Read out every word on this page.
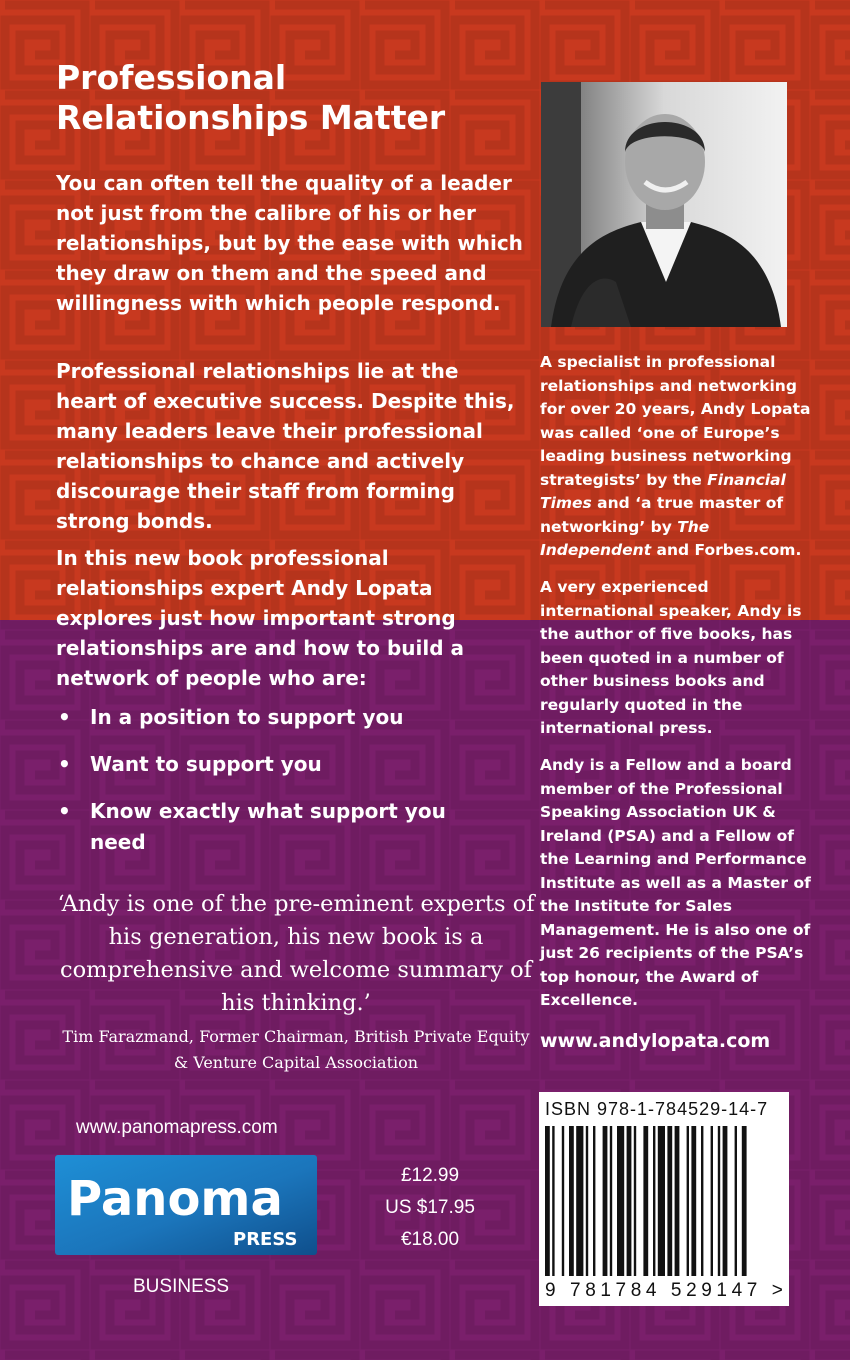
Professional
Relationships Matter

You can often tell the quality of a leader not just from the calibre of his or her relationships, but by the ease with which they draw on them and the speed and willingness with which people respond.

Professional relationships lie at the heart of executive success. Despite this, many leaders leave their professional relationships to chance and actively discourage their staff from forming strong bonds.

In this new book professional relationships expert Andy Lopata explores just how important strong relationships are and how to build a network of people who are:

• In a position to support you
• Want to support you
• Know exactly what support you need

‘Andy is one of the pre-eminent experts of his generation, his new book is a comprehensive and welcome summary of his thinking.’

Tim Farazmand, Former Chairman, British Private Equity & Venture Capital Association

www.panomapress.com
Panoma
PRESS
£12.99
US $17.95
€18.00
BUSINESS

A specialist in professional relationships and networking for over 20 years, Andy Lopata was called ‘one of Europe’s leading business networking strategists’ by the Financial Times and ‘a true master of networking’ by The Independent and Forbes.com.

A very experienced international speaker, Andy is the author of five books, has been quoted in a number of other business books and regularly quoted in the international press.

Andy is a Fellow and a board member of the Professional Speaking Association UK & Ireland (PSA) and a Fellow of the Learning and Performance Institute as well as a Master of the Institute for Sales Management. He is also one of just 26 recipients of the PSA’s top honour, the Award of Excellence.

www.andylopata.com
ISBN 978-1-784529-14-7
9 781784 529147 >
